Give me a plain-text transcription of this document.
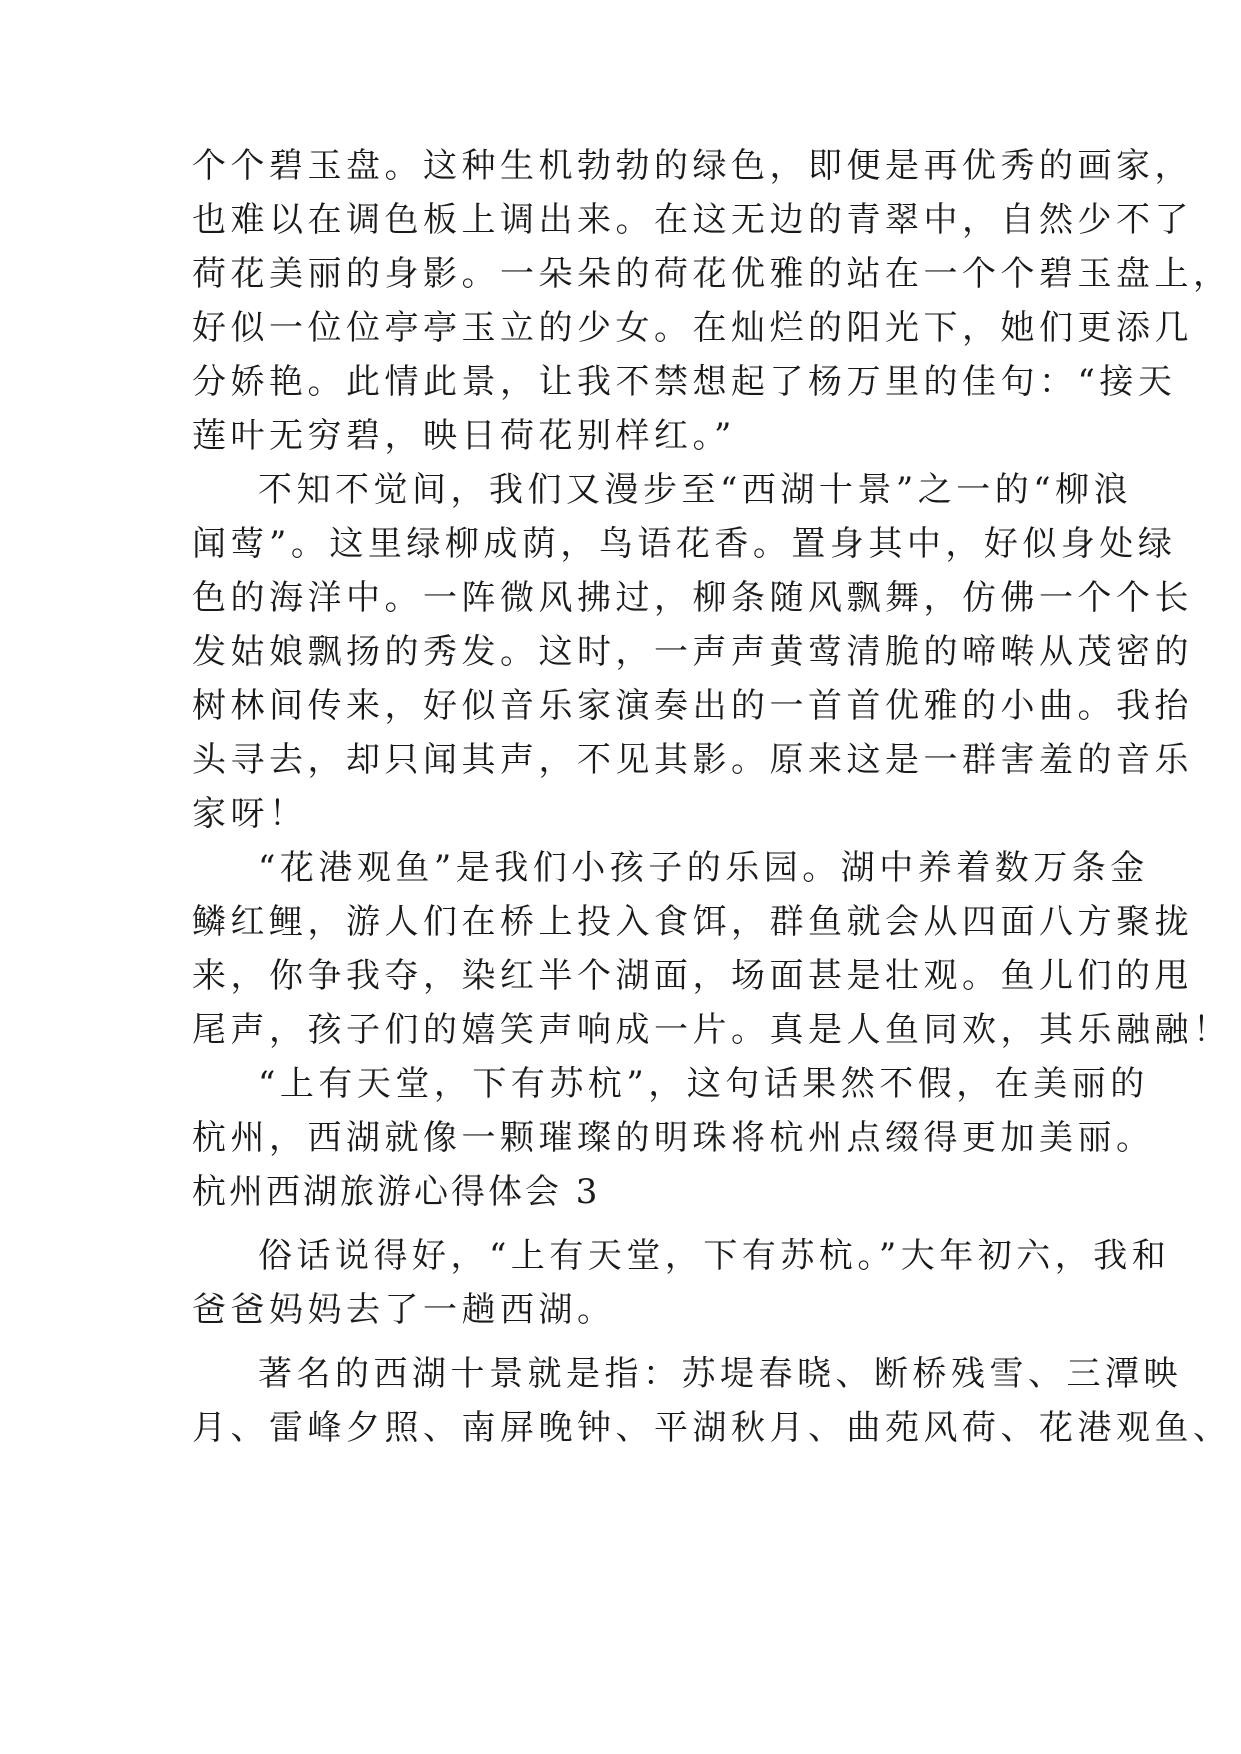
个个碧玉盘。这种生机勃勃的绿色，即便是再优秀的画家，
也难以在调色板上调出来。在这无边的青翠中，自然少不了
荷花美丽的身影。一朵朵的荷花优雅的站在一个个碧玉盘上，
好似一位位亭亭玉立的少女。在灿烂的阳光下，她们更添几
分娇艳。此情此景，让我不禁想起了杨万里的佳句：“接天
莲叶无穷碧，映日荷花别样红。”
不知不觉间，我们又漫步至“西湖十景”之一的“柳浪
闻莺”。这里绿柳成荫，鸟语花香。置身其中，好似身处绿
色的海洋中。一阵微风拂过，柳条随风飘舞，仿佛一个个长
发姑娘飘扬的秀发。这时，一声声黄莺清脆的啼啭从茂密的
树林间传来，好似音乐家演奏出的一首首优雅的小曲。我抬
头寻去，却只闻其声，不见其影。原来这是一群害羞的音乐
家呀！
“花港观鱼”是我们小孩子的乐园。湖中养着数万条金
鳞红鲤，游人们在桥上投入食饵，群鱼就会从四面八方聚拢
来，你争我夺，染红半个湖面，场面甚是壮观。鱼儿们的甩
尾声，孩子们的嬉笑声响成一片。真是人鱼同欢，其乐融融！
“上有天堂，下有苏杭”，这句话果然不假，在美丽的
杭州，西湖就像一颗璀璨的明珠将杭州点缀得更加美丽。
杭州西湖旅游心得体会 3
俗话说得好，“上有天堂，下有苏杭。”大年初六，我和
爸爸妈妈去了一趟西湖。
著名的西湖十景就是指：苏堤春晓、断桥残雪、三潭映
月、雷峰夕照、南屏晚钟、平湖秋月、曲苑风荷、花港观鱼、
